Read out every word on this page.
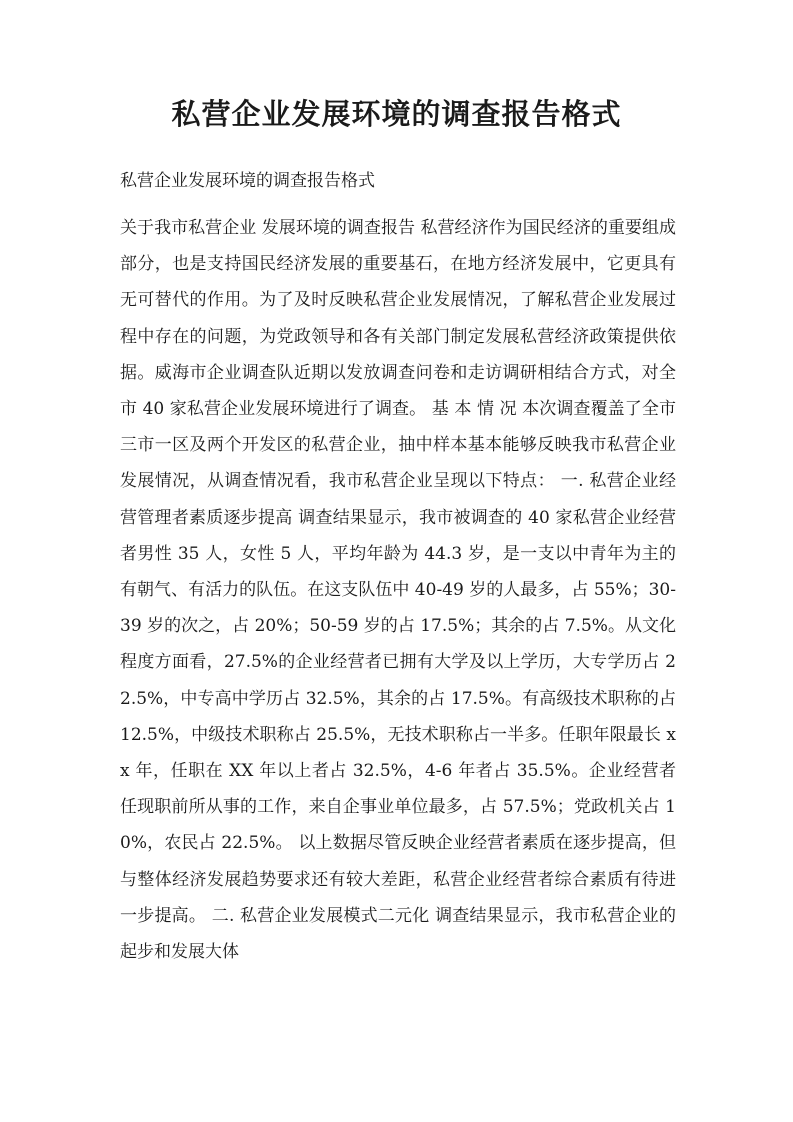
私营企业发展环境的调查报告格式

私营企业发展环境的调查报告格式

关于我市私营企业 发展环境的调查报告 私营经济作为国民经济的重要组成部分，也是支持国民经济发展的重要基石，在地方经济发展中，它更具有无可替代的作用。为了及时反映私营企业发展情况，了解私营企业发展过程中存在的问题，为党政领导和各有关部门制定发展私营经济政策提供依据。威海市企业调查队近期以发放调查问卷和走访调研相结合方式，对全市 40 家私营企业发展环境进行了调查。 基 本 情 况 本次调查覆盖了全市三市一区及两个开发区的私营企业，抽中样本基本能够反映我市私营企业发展情况，从调查情况看，我市私营企业呈现以下特点： 一. 私营企业经营管理者素质逐步提高 调查结果显示，我市被调查的 40 家私营企业经营者男性 35 人，女性 5 人，平均年龄为 44.3 岁，是一支以中青年为主的有朝气、有活力的队伍。在这支队伍中 40-49 岁的人最多，占 55%；30-39 岁的次之，占 20%；50-59 岁的占 17.5%；其余的占 7.5%。从文化程度方面看，27.5%的企业经营者已拥有大学及以上学历，大专学历占 22.5%，中专高中学历占 32.5%，其余的占 17.5%。有高级技术职称的占 12.5%，中级技术职称占 25.5%，无技术职称占一半多。任职年限最长 xx 年，任职在 XX 年以上者占 32.5%，4-6 年者占 35.5%。企业经营者任现职前所从事的工作，来自企事业单位最多，占 57.5%；党政机关占 10%，农民占 22.5%。 以上数据尽管反映企业经营者素质在逐步提高，但与整体经济发展趋势要求还有较大差距，私营企业经营者综合素质有待进一步提高。 二. 私营企业发展模式二元化 调查结果显示，我市私营企业的起步和发展大体
